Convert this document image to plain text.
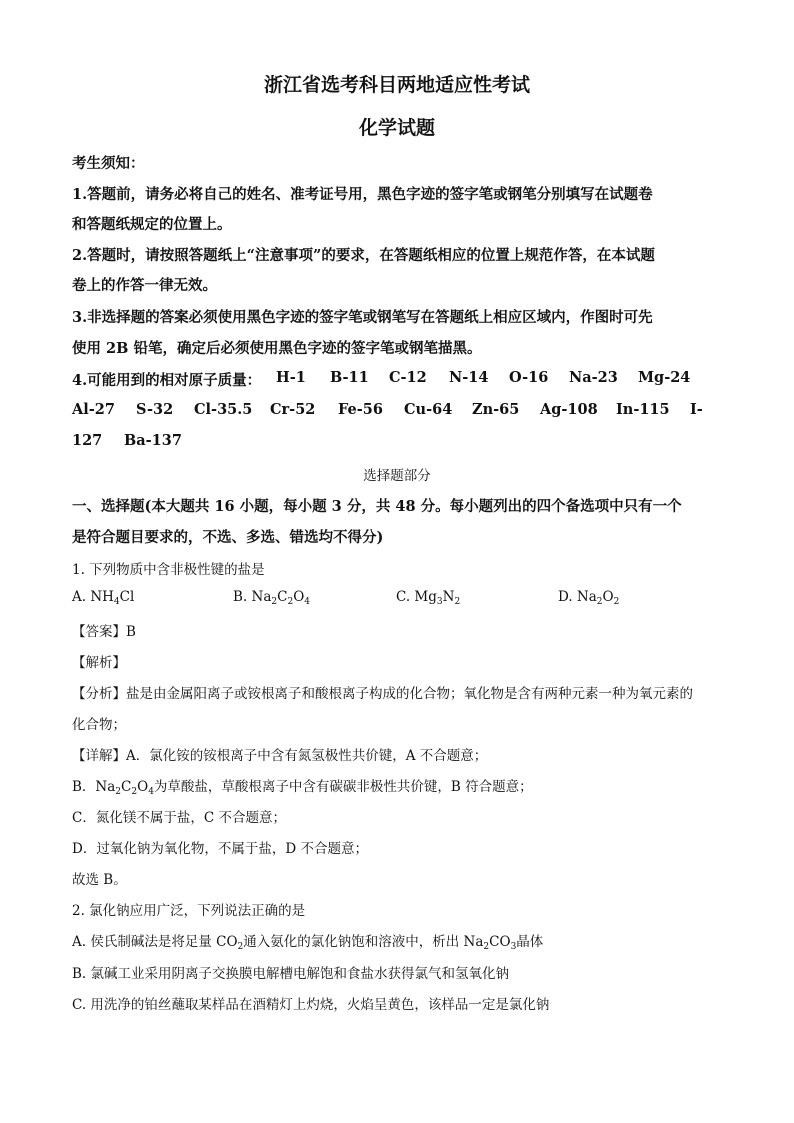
浙江省选考科目两地适应性考试
化学试题
考生须知：
1.答题前，请务必将自己的姓名、准考证号用，黑色字迹的签字笔或钢笔分别填写在试题卷
和答题纸规定的位置上。
2.答题时，请按照答题纸上“注意事项”的要求，在答题纸相应的位置上规范作答，在本试题
卷上的作答一律无效。
3.非选择题的答案必须使用黑色字迹的签字笔或钢笔写在答题纸上相应区域内，作图时可先
使用 2B 铅笔，确定后必须使用黑色字迹的签字笔或钢笔描黑。
4.可能用到的相对原子质量： H-1 B-11 C-12 N-14 O-16 Na-23 Mg-24
Al-27 S-32 Cl-35.5 Cr-52 Fe-56 Cu-64 Zn-65 Ag-108 In-115 I-
127 Ba-137
选择题部分
一、选择题(本大题共 16 小题，每小题 3 分，共 48 分。每小题列出的四个备选项中只有一个
是符合题目要求的，不选、多选、错选均不得分)
1. 下列物质中含非极性键的盐是
A. $NH_4Cl$	B. $Na_2C_2O_4$	C. $Mg_3N_2$	D. $Na_2O_2$
【答案】B
【解析】
【分析】盐是由金属阳离子或铵根离子和酸根离子构成的化合物；氧化物是含有两种元素一种为氧元素的
化合物；
【详解】A．氯化铵的铵根离子中含有氮氢极性共价键，A 不合题意；
B．$Na_2C_2O_4$为草酸盐，草酸根离子中含有碳碳非极性共价键，B 符合题意；
C．氮化镁不属于盐，C 不合题意；
D．过氧化钠为氧化物，不属于盐，D 不合题意；
故选 B。
2. 氯化钠应用广泛，下列说法正确的是
A. 侯氏制碱法是将足量 $CO_2$通入氨化的氯化钠饱和溶液中，析出 $Na_2CO_3$晶体
B. 氯碱工业采用阴离子交换膜电解槽电解饱和食盐水获得氯气和氢氧化钠
C. 用洗净的铂丝蘸取某样品在酒精灯上灼烧，火焰呈黄色，该样品一定是氯化钠
